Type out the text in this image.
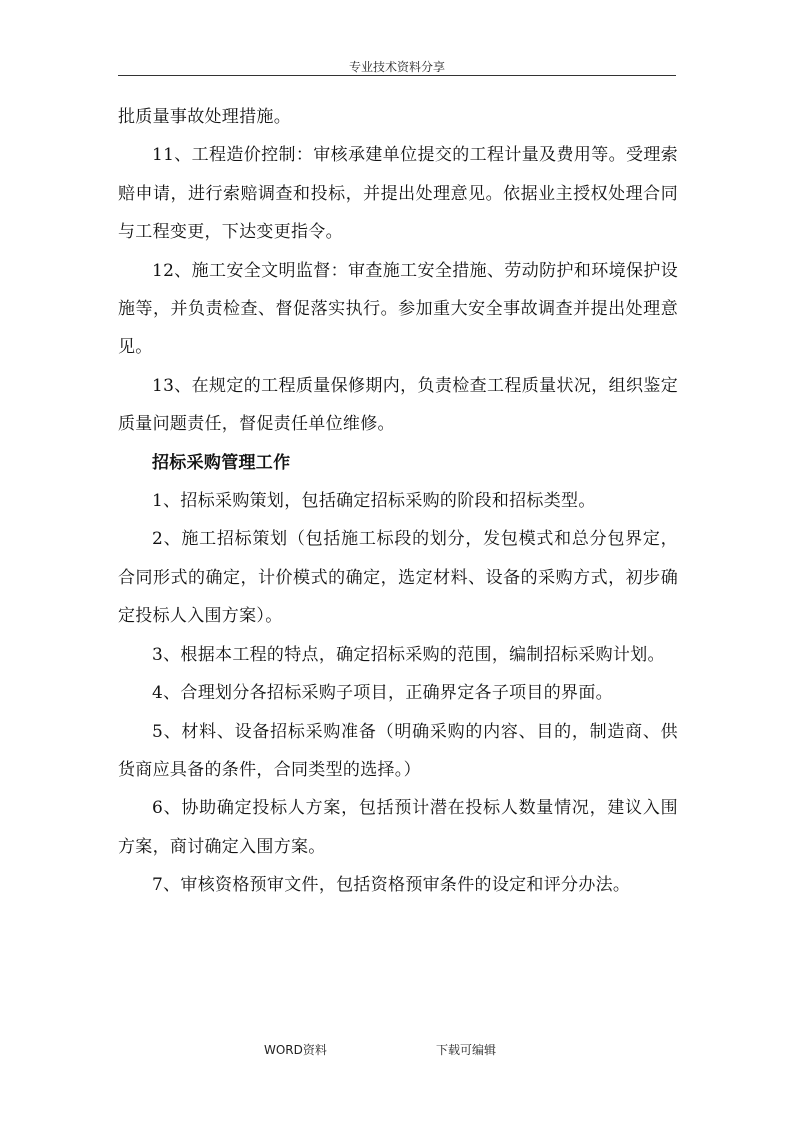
专业技术资料分享

批质量事故处理措施。

11、工程造价控制：审核承建单位提交的工程计量及费用等。受理索赔申请，进行索赔调查和投标，并提出处理意见。依据业主授权处理合同与工程变更，下达变更指令。

12、施工安全文明监督：审查施工安全措施、劳动防护和环境保护设施等，并负责检查、督促落实执行。参加重大安全事故调查并提出处理意见。

13、在规定的工程质量保修期内，负责检查工程质量状况，组织鉴定质量问题责任，督促责任单位维修。

招标采购管理工作

1、招标采购策划，包括确定招标采购的阶段和招标类型。

2、施工招标策划（包括施工标段的划分，发包模式和总分包界定，合同形式的确定，计价模式的确定，选定材料、设备的采购方式，初步确定投标人入围方案）。

3、根据本工程的特点，确定招标采购的范围，编制招标采购计划。

4、合理划分各招标采购子项目，正确界定各子项目的界面。

5、材料、设备招标采购准备（明确采购的内容、目的，制造商、供货商应具备的条件，合同类型的选择。）

6、协助确定投标人方案，包括预计潜在投标人数量情况，建议入围方案，商讨确定入围方案。

7、审核资格预审文件，包括资格预审条件的设定和评分办法。

WORD资料	下载可编辑
